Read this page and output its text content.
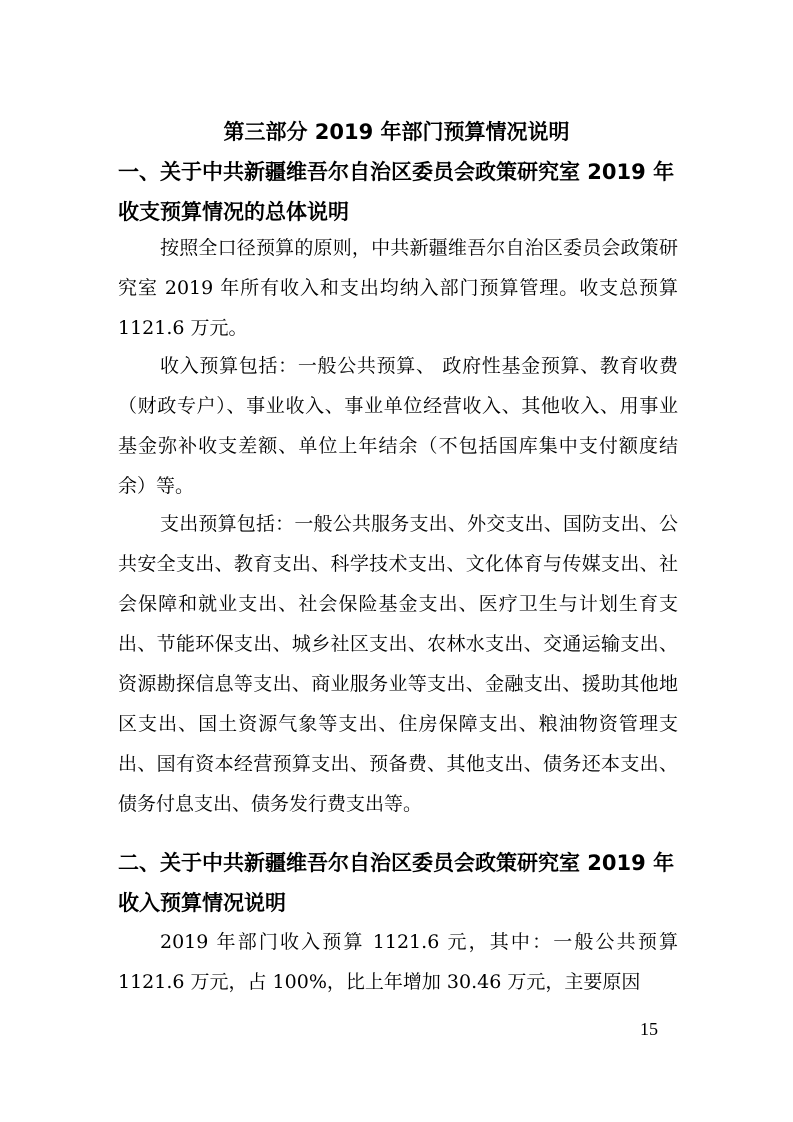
第三部分 2019 年部门预算情况说明
一、关于中共新疆维吾尔自治区委员会政策研究室 2019 年收支预算情况的总体说明
按照全口径预算的原则，中共新疆维吾尔自治区委员会政策研究室 2019 年所有收入和支出均纳入部门预算管理。收支总预算 1121.6 万元。
收入预算包括：一般公共预算、 政府性基金预算、教育收费（财政专户）、事业收入、事业单位经营收入、其他收入、用事业基金弥补收支差额、单位上年结余（不包括国库集中支付额度结余）等。
支出预算包括：一般公共服务支出、外交支出、国防支出、公共安全支出、教育支出、科学技术支出、文化体育与传媒支出、社会保障和就业支出、社会保险基金支出、医疗卫生与计划生育支出、节能环保支出、城乡社区支出、农林水支出、交通运输支出、资源勘探信息等支出、商业服务业等支出、金融支出、援助其他地区支出、国土资源气象等支出、住房保障支出、粮油物资管理支出、国有资本经营预算支出、预备费、其他支出、债务还本支出、债务付息支出、债务发行费支出等。
二、关于中共新疆维吾尔自治区委员会政策研究室 2019 年收入预算情况说明
2019 年部门收入预算 1121.6 元，其中：一般公共预算 1121.6 万元，占 100%，比上年增加 30.46 万元，主要原因
15
